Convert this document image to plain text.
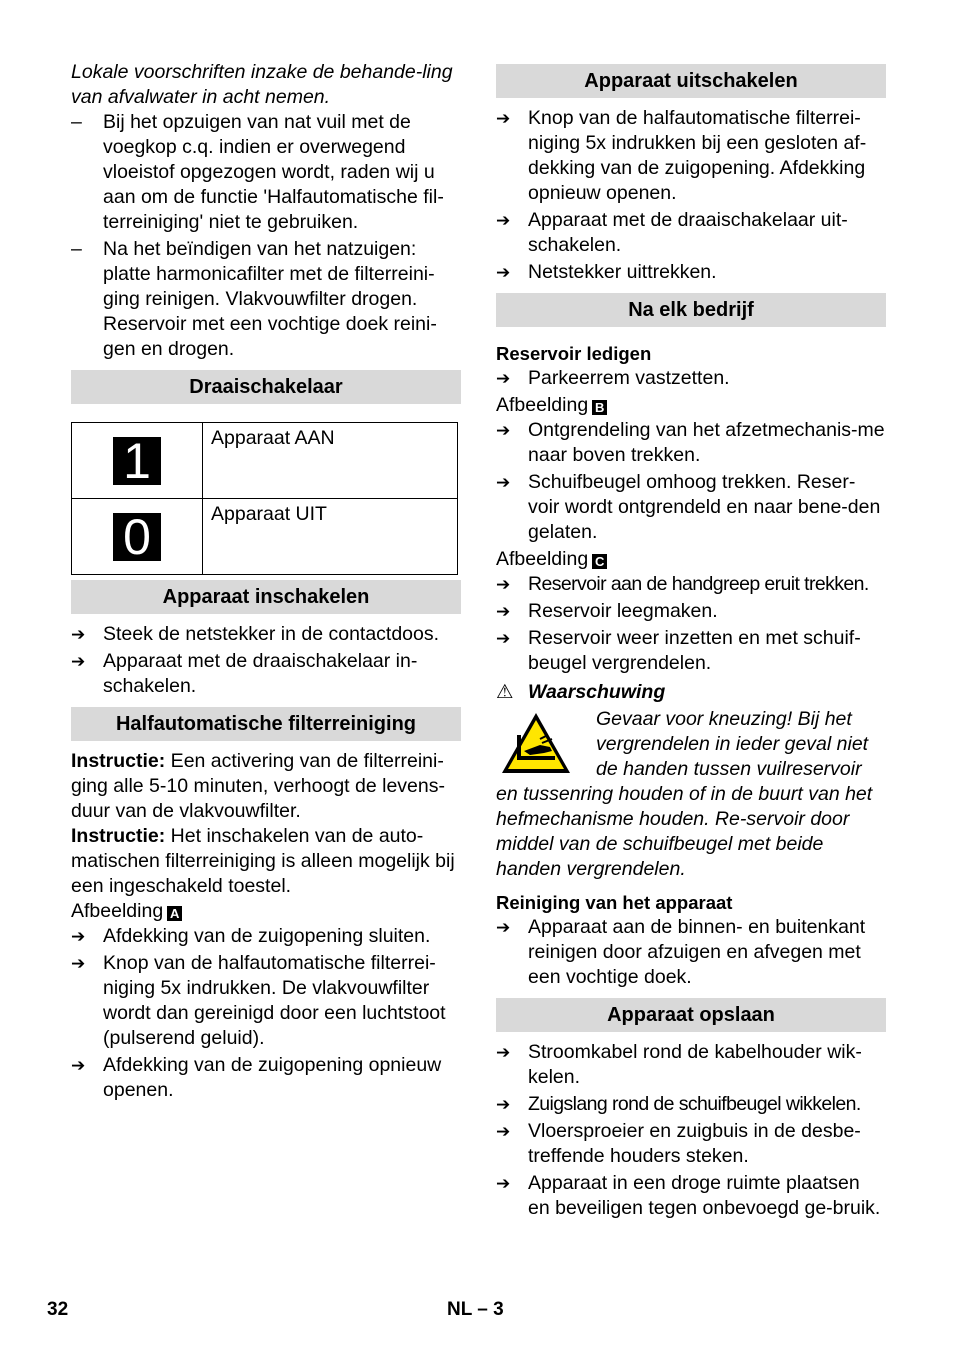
Lokale voorschriften inzake de behande-ling van afvalwater in acht nemen.

–	Bij het opzuigen van nat vuil met de voegkop c.q. indien er overwegend vloeistof opgezogen wordt, raden wij u aan om de functie 'Halfautomatische fil-terreiniging' niet te gebruiken.
–	Na het beïndigen van het natzuigen: platte harmonicafilter met de filterreini-ging reinigen. Vlakvouwfilter drogen. Reservoir met een vochtige doek reini-gen en drogen.
Draaischakelaar
1	Apparaat AAN
0	Apparaat UIT
Apparaat inschakelen
➔ Steek de netstekker in de contactdoos.
➔ Apparaat met de draaischakelaar in-schakelen.
Halfautomatische filterreiniging

Instructie: Een activering van de filterreini-ging alle 5-10 minuten, verhoogt de levens-duur van de vlakvouwfilter.

Instructie: Het inschakelen van de auto-matischen filterreiniging is alleen mogelijk bij een ingeschakeld toestel.

Afbeelding A

➔ Afdekking van de zuigopening sluiten.
➔ Knop van de halfautomatische filterrei-niging 5x indrukken. De vlakvouwfilter wordt dan gereinigd door een luchtstoot (pulserend geluid).
➔ Afdekking van de zuigopening opnieuw openen.
Apparaat uitschakelen
➔ Knop van de halfautomatische filterrei-niging 5x indrukken bij een gesloten af-dekking van de zuigopening. Afdekking opnieuw openen.
➔ Apparaat met de draaischakelaar uit-schakelen.
➔ Netstekker uittrekken.
Na elk bedrijf

Reservoir ledigen

➔ Parkeerrem vastzetten.

Afbeelding B

➔ Ontgrendeling van het afzetmechanis-me naar boven trekken.
➔ Schuifbeugel omhoog trekken. Reser-voir wordt ontgrendeld en naar bene-den gelaten.

Afbeelding C

➔ Reservoir aan de handgreep eruit trekken.
➔ Reservoir leegmaken.
➔ Reservoir weer inzetten en met schuif-beugel vergrendelen.

⚠ Waarschuwing

Gevaar voor kneuzing! Bij het vergrendelen in ieder geval niet de handen tussen vuilreservoir en tussenring houden of in de buurt van het hefmechanisme houden. Re-servoir door middel van de schuifbeugel met beide handen vergrendelen.

Reiniging van het apparaat

➔ Apparaat aan de binnen- en buitenkant reinigen door afzuigen en afvegen met een vochtige doek.
Apparaat opslaan
➔ Stroomkabel rond de kabelhouder wik-kelen.
➔ Zuigslang rond de schuifbeugel wikkelen.
➔ Vloersproeier en zuigbuis in de desbe-treffende houders steken.
➔ Apparaat in een droge ruimte plaatsen en beveiligen tegen onbevoegd ge-bruik.
32	NL – 3
